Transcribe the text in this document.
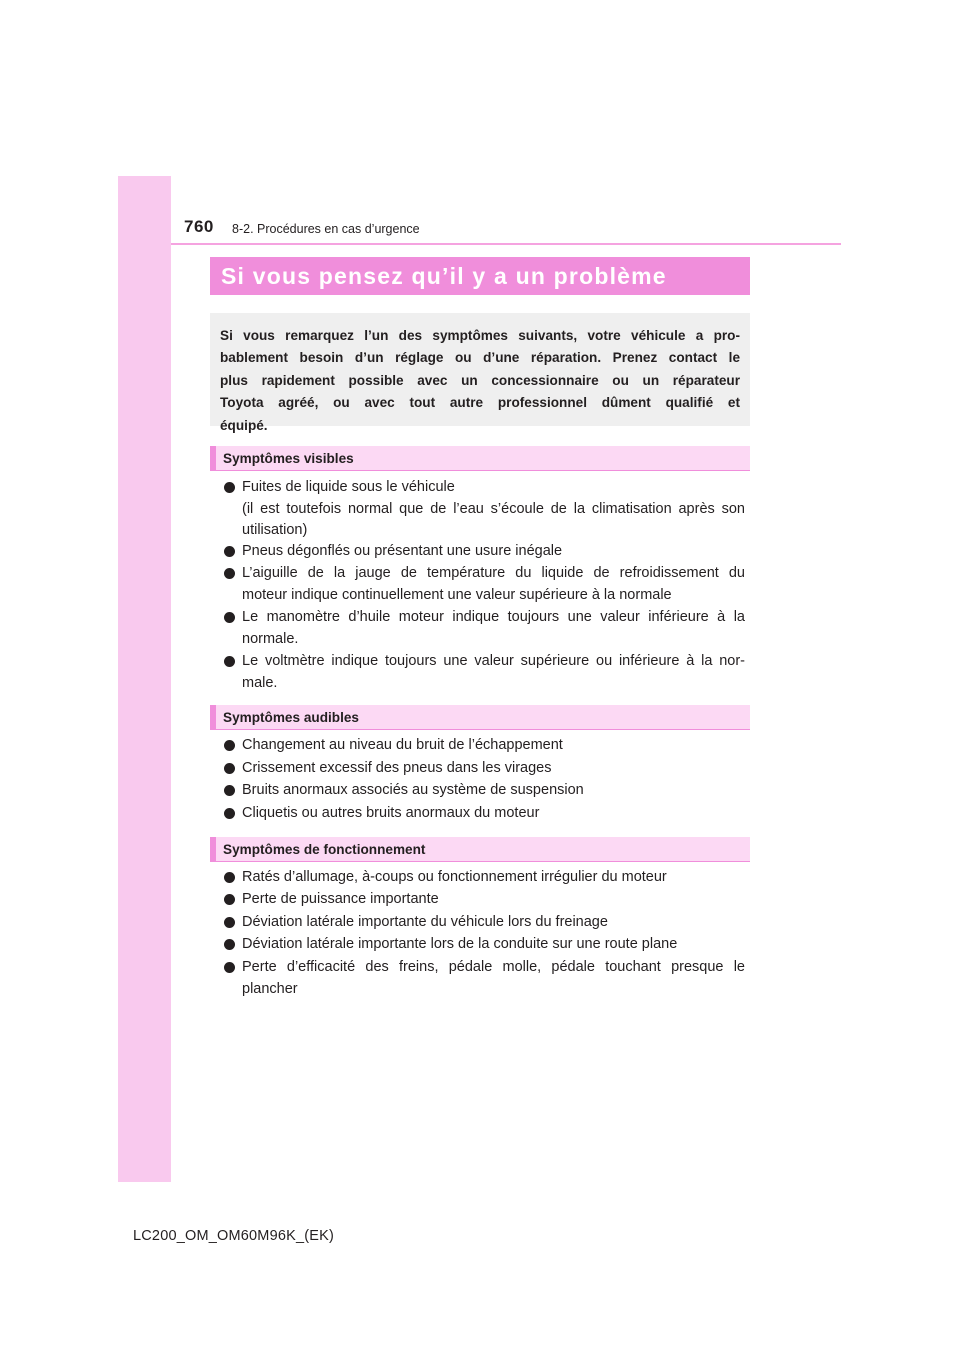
760 8-2. Procédures en cas d’urgence
Si vous pensez qu’il y a un problème
Si vous remarquez l’un des symptômes suivants, votre véhicule a pro-
bablement besoin d’un réglage ou d’une réparation. Prenez contact le
plus rapidement possible avec un concessionnaire ou un réparateur
Toyota agréé, ou avec tout autre professionnel dûment qualifié et
équipé.
Symptômes visibles
Fuites de liquide sous le véhicule
(il est toutefois normal que de l’eau s’écoule de la climatisation après son
utilisation)
Pneus dégonflés ou présentant une usure inégale
L’aiguille de la jauge de température du liquide de refroidissement du
moteur indique continuellement une valeur supérieure à la normale
Le manomètre d’huile moteur indique toujours une valeur inférieure à la
normale.
Le voltmètre indique toujours une valeur supérieure ou inférieure à la nor-
male.
Symptômes audibles
Changement au niveau du bruit de l’échappement
Crissement excessif des pneus dans les virages
Bruits anormaux associés au système de suspension
Cliquetis ou autres bruits anormaux du moteur
Symptômes de fonctionnement
Ratés d’allumage, à-coups ou fonctionnement irrégulier du moteur
Perte de puissance importante
Déviation latérale importante du véhicule lors du freinage
Déviation latérale importante lors de la conduite sur une route plane
Perte d’efficacité des freins, pédale molle, pédale touchant presque le
plancher
LC200_OM_OM60M96K_(EK)
